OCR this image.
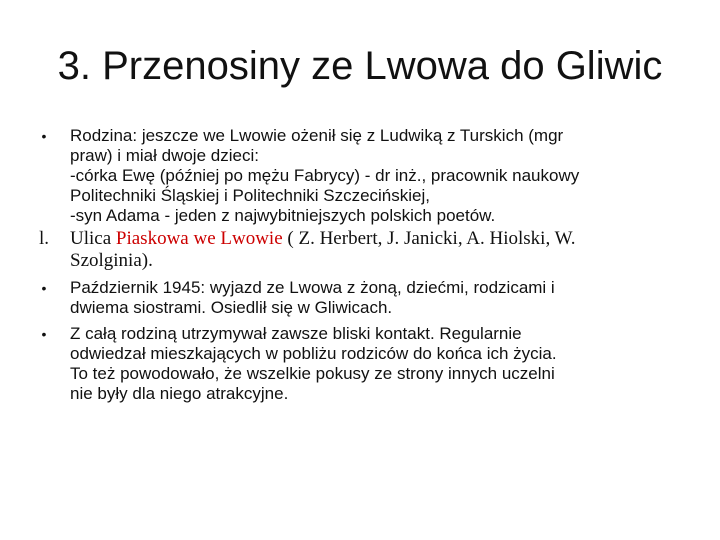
3. Przenosiny ze Lwowa do Gliwic
•	Rodzina: jeszcze we Lwowie ożenił się z Ludwiką z Turskich (mgr
praw) i miał dwoje dzieci:
-córka Ewę (później po mężu Fabrycy) - dr inż., pracownik naukowy
Politechniki Śląskiej i Politechniki Szczecińskiej,
-syn Adama - jeden z najwybitniejszych polskich poetów.
l.	Ulica Piaskowa we Lwowie ( Z. Herbert, J. Janicki, A. Hiolski, W.
Szolginia).
•	Październik 1945: wyjazd ze Lwowa z żoną, dziećmi, rodzicami i
dwiema siostrami. Osiedlił się w Gliwicach.
•	Z całą rodziną utrzymywał zawsze bliski kontakt. Regularnie
odwiedzał mieszkających w pobliżu rodziców do końca ich życia.
To też powodowało, że wszelkie pokusy ze strony innych uczelni
nie były dla niego atrakcyjne.
